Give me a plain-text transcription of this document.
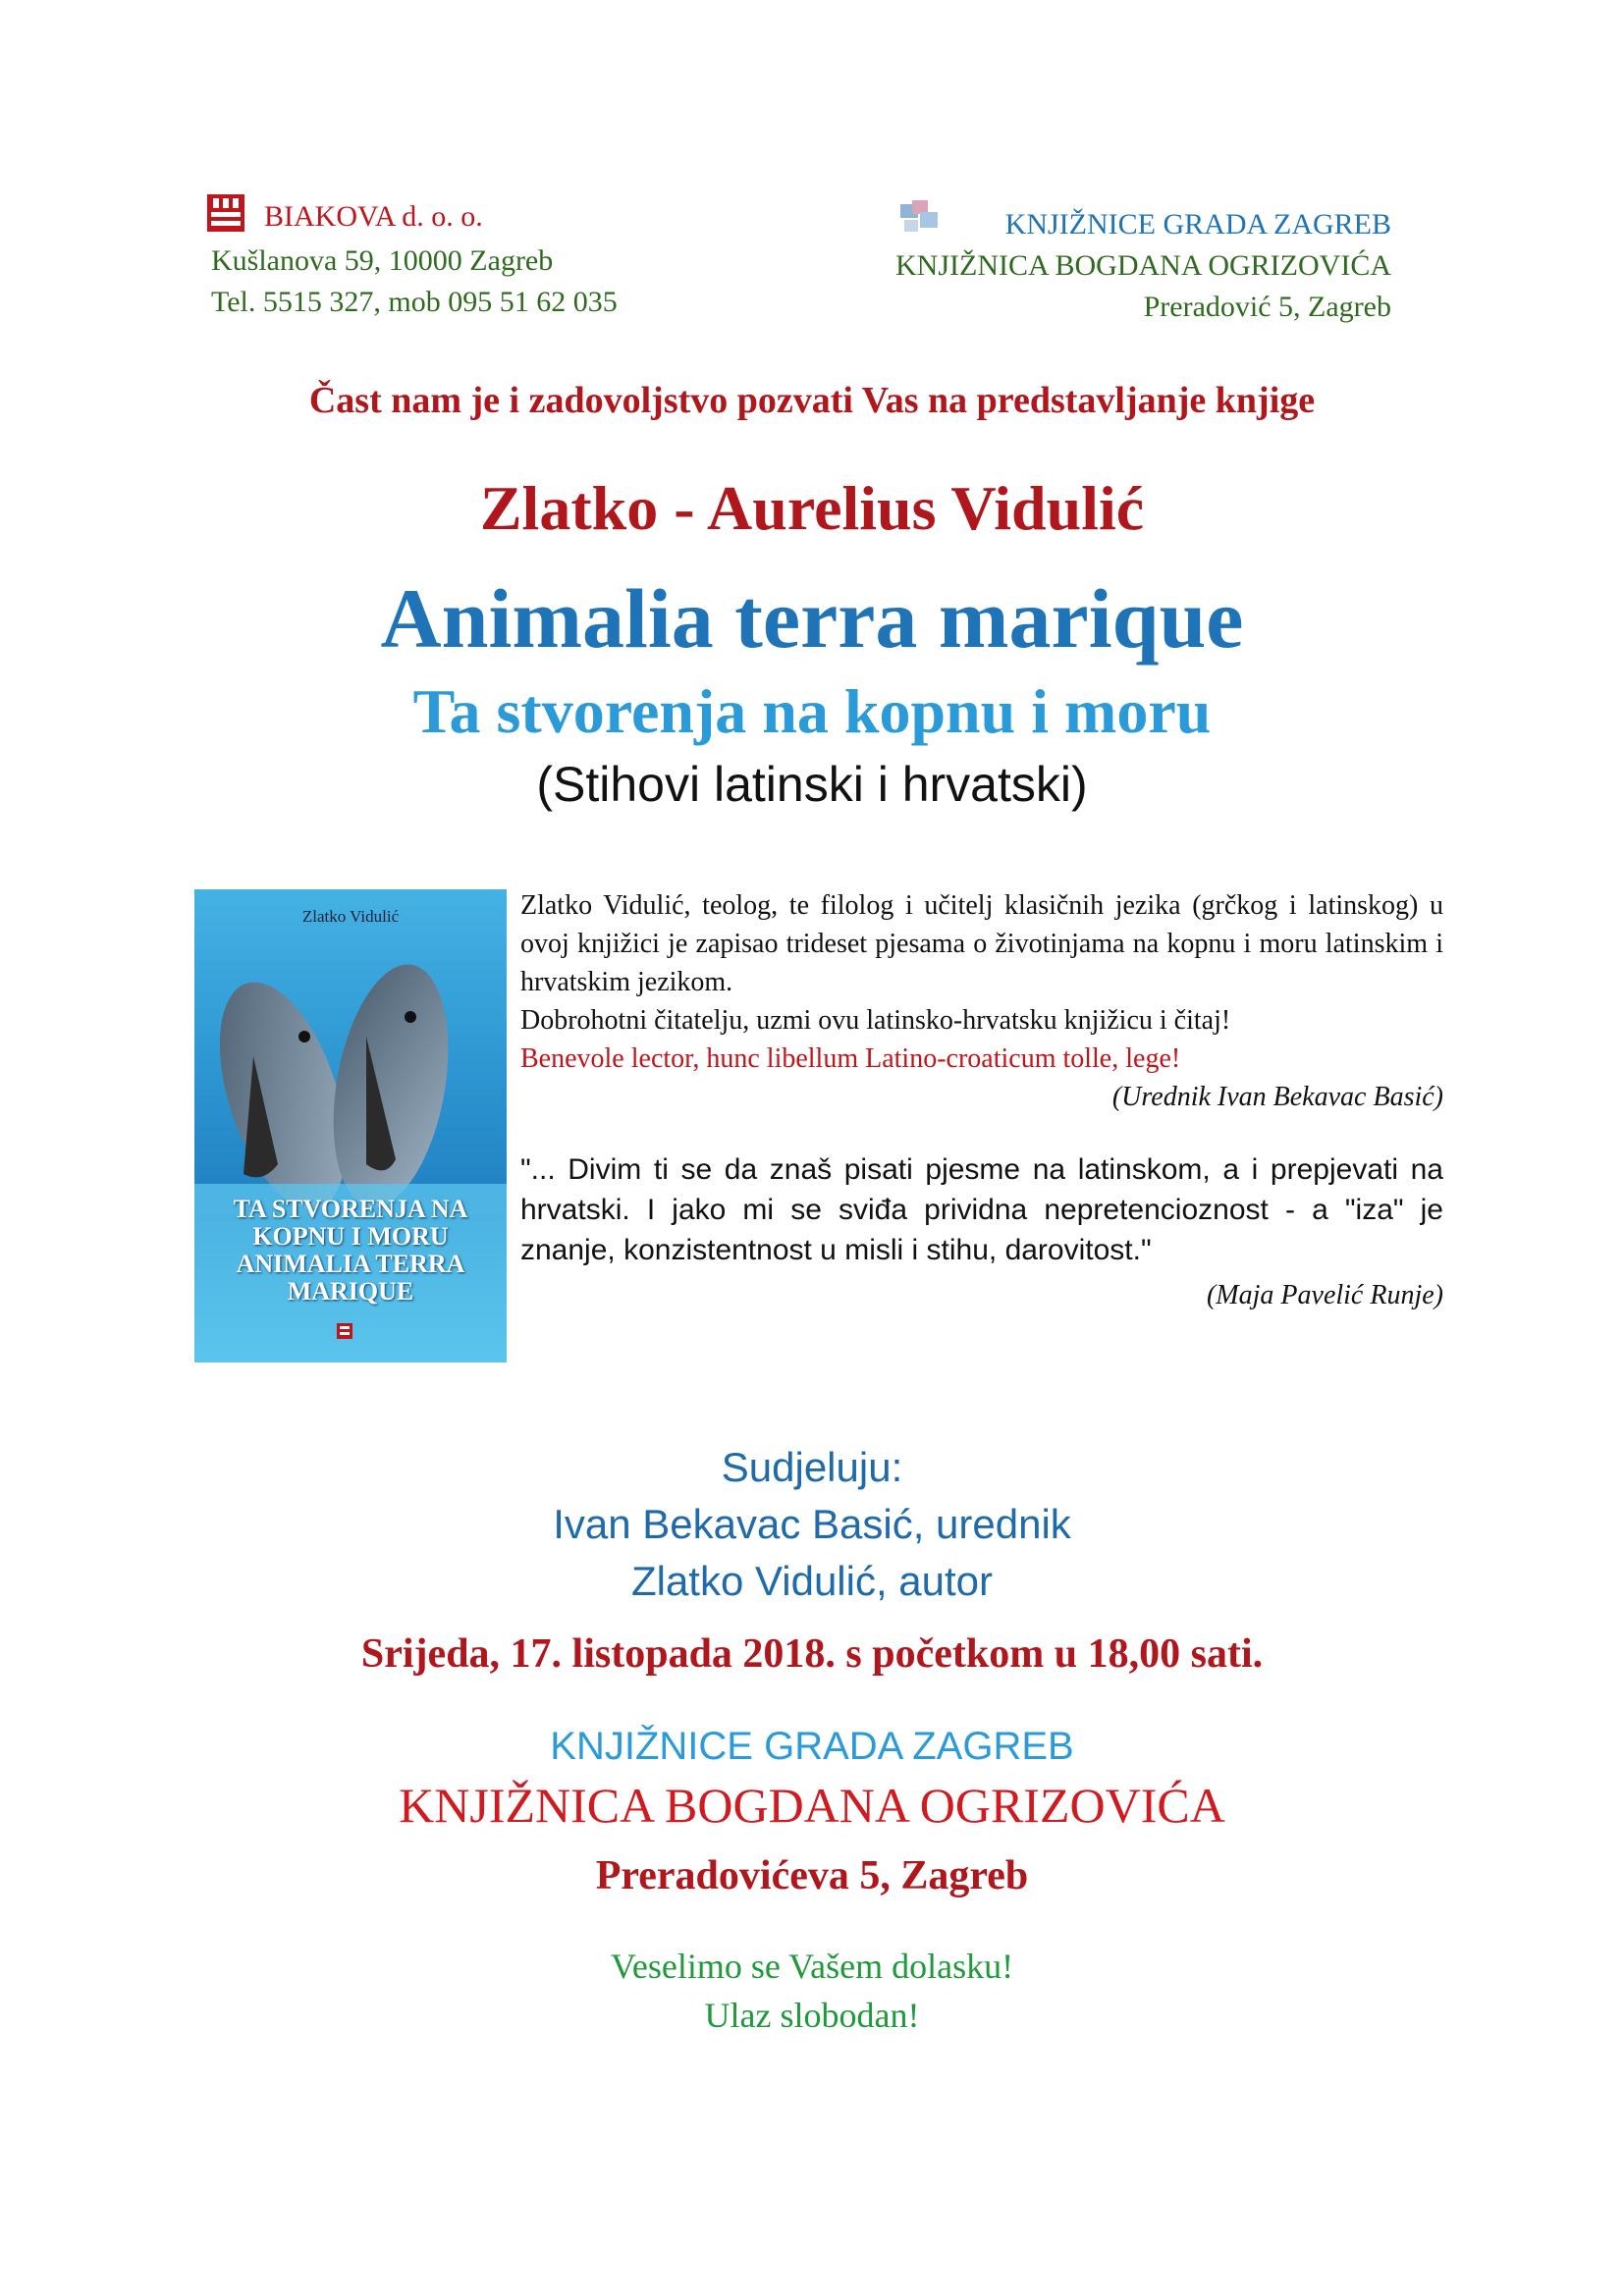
BIAKOVA d. o. o.
Kušlanova 59, 10000 Zagreb
Tel. 5515 327, mob 095 51 62 035
KNJIŽNICE GRADA ZAGREB
KNJIŽNICA BOGDANA OGRIZOVIĆA
Preradović 5, Zagreb
Čast nam je i zadovoljstvo pozvati Vas na predstavljanje knjige
Zlatko - Aurelius Vidulić
Animalia terra marique
Ta stvorenja na kopnu i moru
(Stihovi latinski i hrvatski)
Zlatko Vidulić
TA STVORENJA NA
KOPNU I MORU
ANIMALIA TERRA
MARIQUE
Zlatko Vidulić, teolog, te filolog i učitelj klasičnih jezika (grčkog i latinskog) u ovoj knjižici je zapisao trideset pjesama o životinjama na kopnu i moru latinskim i hrvatskim jezikom.
Dobrohotni čitatelju, uzmi ovu latinsko-hrvatsku knjižicu i čitaj!
Benevole lector, hunc libellum Latino-croaticum tolle, lege!
(Urednik Ivan Bekavac Basić)
"... Divim ti se da znaš pisati pjesme na latinskom, a i prepjevati na hrvatski. I jako mi se sviđa prividna nepretencioznost - a "iza" je znanje, konzistentnost u misli i stihu, darovitost."
(Maja Pavelić Runje)
Sudjeluju:
Ivan Bekavac Basić, urednik
Zlatko Vidulić, autor
Srijeda, 17. listopada 2018. s početkom u 18,00 sati.
KNJIŽNICE GRADA ZAGREB
KNJIŽNICA BOGDANA OGRIZOVIĆA
Preradovićeva 5, Zagreb
Veselimo se Vašem dolasku!
Ulaz slobodan!
